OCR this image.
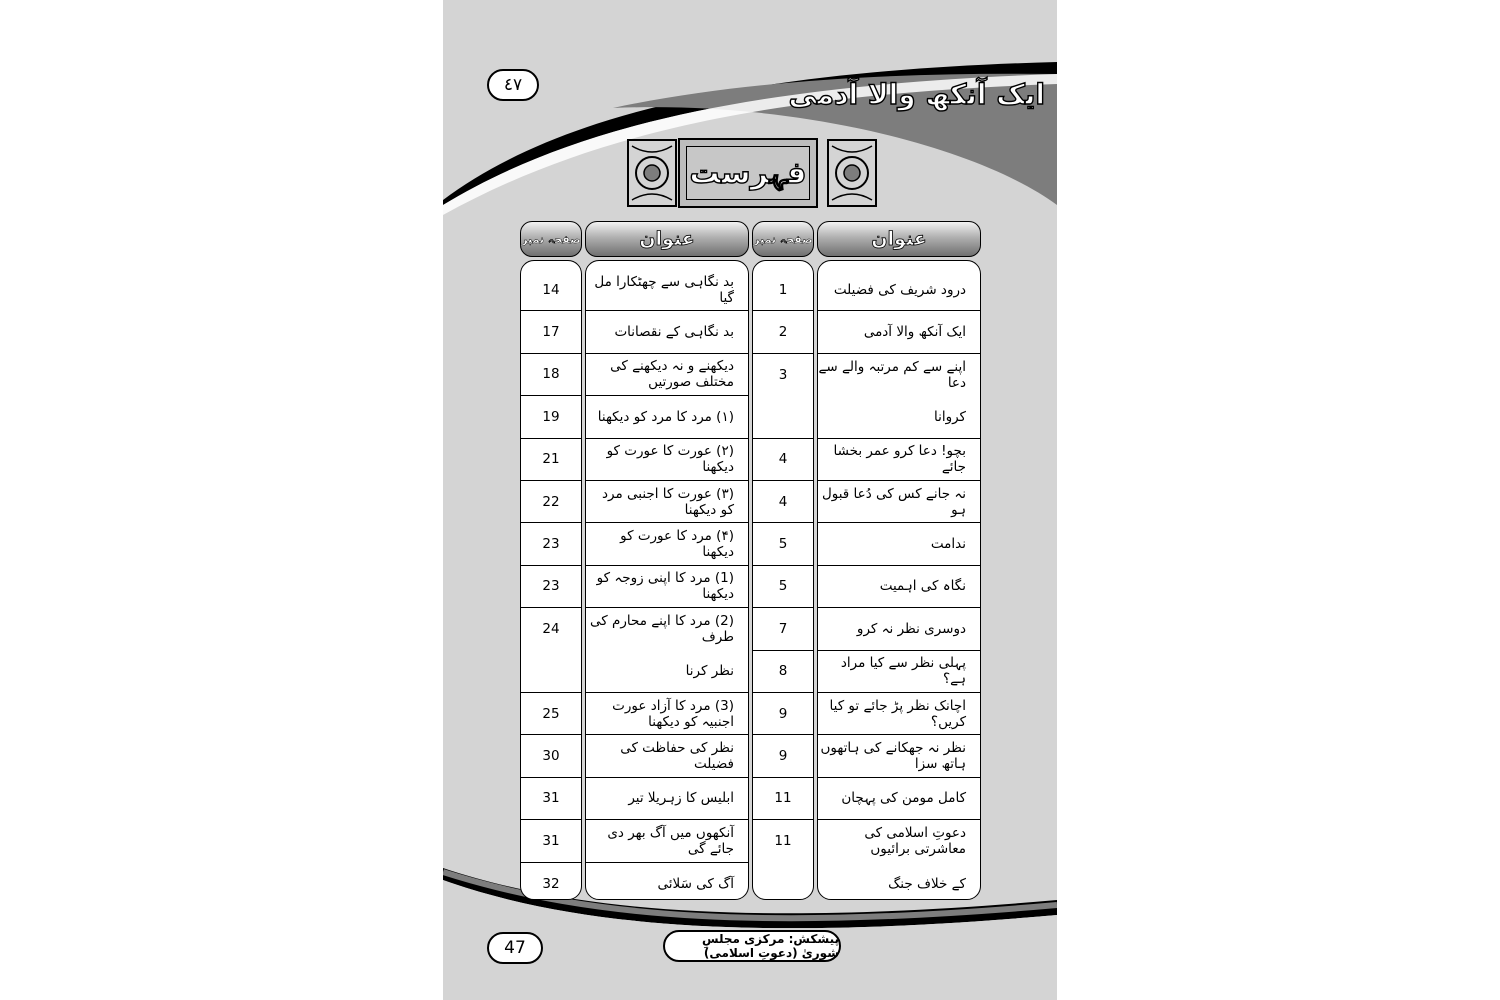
٤٧	ایک آنکھ والا آدمی
فہرست
عنوان
صفحہ نمبر
عنوان
صفحہ نمبر
درود شریف کی فضیلت
ایک آنکھ والا آدمی
اپنے سے کم مرتبہ والے سے دعا
کروانا
بچو! دعا کرو عمر بخشا جائے
نہ جانے کس کی دُعا قبول ہو
ندامت
نگاہ کی اہمیت
دوسری نظر نہ کرو
پہلی نظر سے کیا مراد ہے؟
اچانک نظر پڑ جائے تو کیا کریں؟
نظر نہ جھکانے کی ہاتھوں ہاتھ سزا
کامل مومن کی پہچان
دعوتِ اسلامی کی معاشرتی برائیوں
کے خلاف جنگ
1
2
3
4
4
5
5
7
8
9
9
11
11
بد نگاہی سے چھٹکارا مل گیا
بد نگاہی کے نقصانات
دیکھنے و نہ دیکھنے کی مختلف صورتیں
(۱) مرد کا مرد کو دیکھنا
(۲) عورت کا عورت کو دیکھنا
(۳) عورت کا اجنبی مرد کو دیکھنا
(۴) مرد کا عورت کو دیکھنا
(1) مرد کا اپنی زوجہ کو دیکھنا
(2) مرد کا اپنے محارم کی طرف
نظر کرنا
(3) مرد کا آزاد عورت اجنبیہ کو دیکھنا
نظر کی حفاظت کی فضیلت
ابلیس کا زہریلا تیر
آنکھوں میں آگ بھر دی جائے گی
آگ کی سَلائی
14
17
18
19
21
22
23
23
24
25
30
31
31
32
47	پیشکش: مرکزی مجلسِ شوریٰ (دعوتِ اسلامی)
